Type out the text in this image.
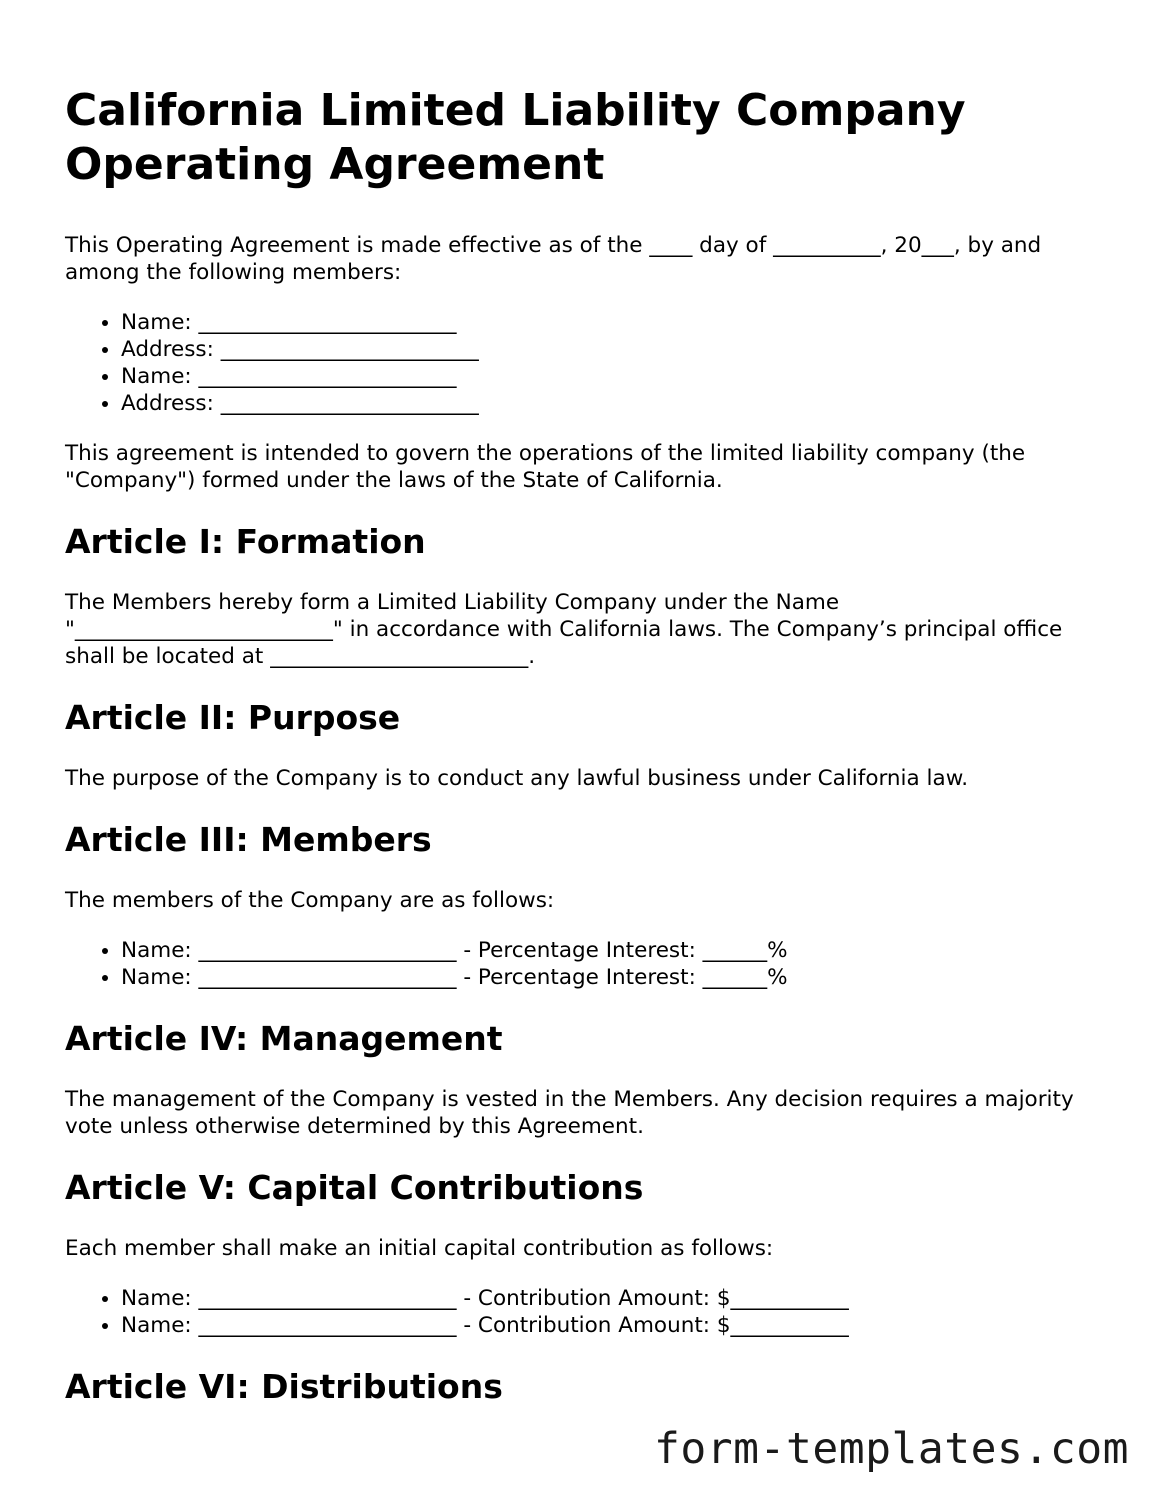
California Limited Liability Company Operating Agreement

This Operating Agreement is made effective as of the ____ day of __________, 20___, by and among the following members:

• Name: ________________________
• Address: ________________________
• Name: ________________________
• Address: ________________________

This agreement is intended to govern the operations of the limited liability company (the "Company") formed under the laws of the State of California.

Article I: Formation

The Members hereby form a Limited Liability Company under the Name "________________________" in accordance with California laws. The Company’s principal office shall be located at ________________________.

Article II: Purpose

The purpose of the Company is to conduct any lawful business under California law.

Article III: Members

The members of the Company are as follows:

• Name: ________________________ - Percentage Interest: ______%
• Name: ________________________ - Percentage Interest: ______%
Article IV: Management

The management of the Company is vested in the Members. Any decision requires a majority vote unless otherwise determined by this Agreement.

Article V: Capital Contributions

Each member shall make an initial capital contribution as follows:

• Name: ________________________ - Contribution Amount: $___________
• Name: ________________________ - Contribution Amount: $___________
Article VI: Distributions
form-templates.com
